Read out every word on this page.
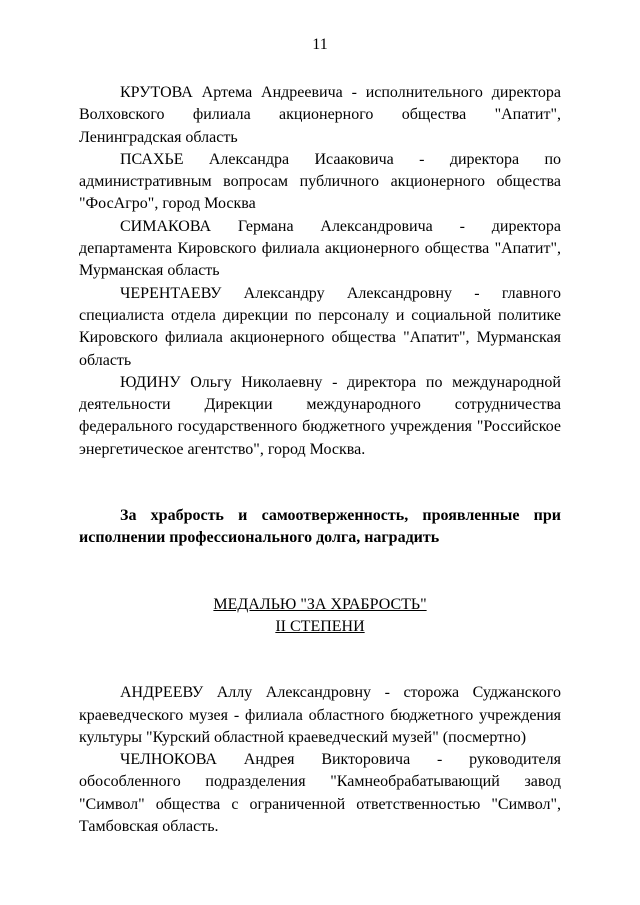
11

КРУТОВА Артема Андреевича - исполнительного директора Волховского филиала акционерного общества "Апатит", Ленинградская область

ПСАХЬЕ Александра Исааковича - директора по административным вопросам публичного акционерного общества "ФосАгро", город Москва

СИМАКОВА Германа Александровича - директора департамента Кировского филиала акционерного общества "Апатит", Мурманская область

ЧЕРЕНТАЕВУ Александру Александровну - главного специалиста отдела дирекции по персоналу и социальной политике Кировского филиала акционерного общества "Апатит", Мурманская область

ЮДИНУ Ольгу Николаевну - директора по международной деятельности Дирекции международного сотрудничества федерального государственного бюджетного учреждения "Российское энергетическое агентство", город Москва.

За храбрость и самоотверженность, проявленные при исполнении профессионального долга, наградить

МЕДАЛЬЮ "ЗА ХРАБРОСТЬ"

II СТЕПЕНИ

АНДРЕЕВУ Аллу Александровну - сторожа Суджанского краеведческого музея - филиала областного бюджетного учреждения культуры "Курский областной краеведческий музей" (посмертно)

ЧЕЛНОКОВА Андрея Викторовича - руководителя обособленного подразделения "Камнеобрабатывающий завод "Символ" общества с ограниченной ответственностью "Символ", Тамбовская область.
